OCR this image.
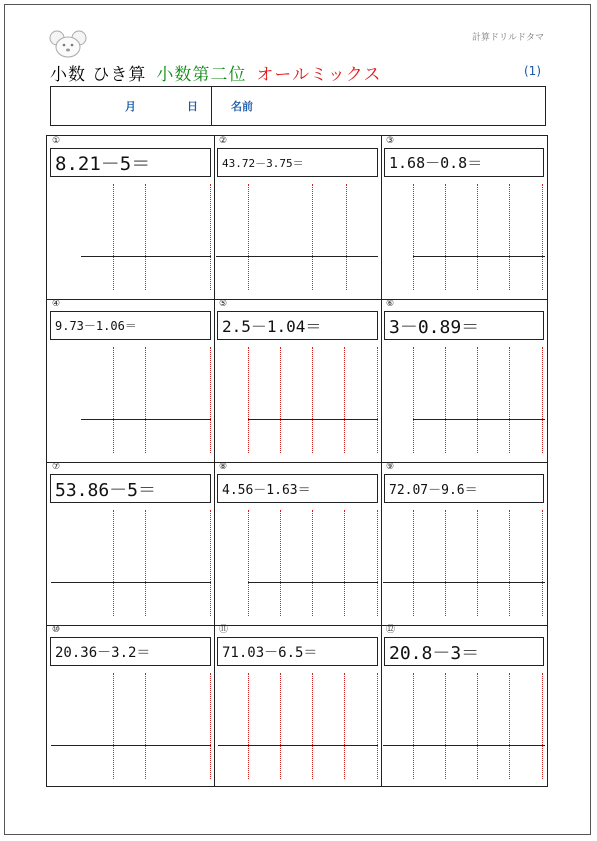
計算ドリルドタマ
小数 ひき算 小数第二位 オールミックス	(1)
月	日	名前
①
8.21－5＝
②
43.72－3.75＝
③
1.68－0.8＝
④
9.73－1.06＝
⑤
2.5－1.04＝
⑥
3－0.89＝
⑦
53.86－5＝
⑧
4.56－1.63＝
⑨
72.07－9.6＝
⑩
20.36－3.2＝
⑪
71.03－6.5＝
⑫
20.8－3＝
